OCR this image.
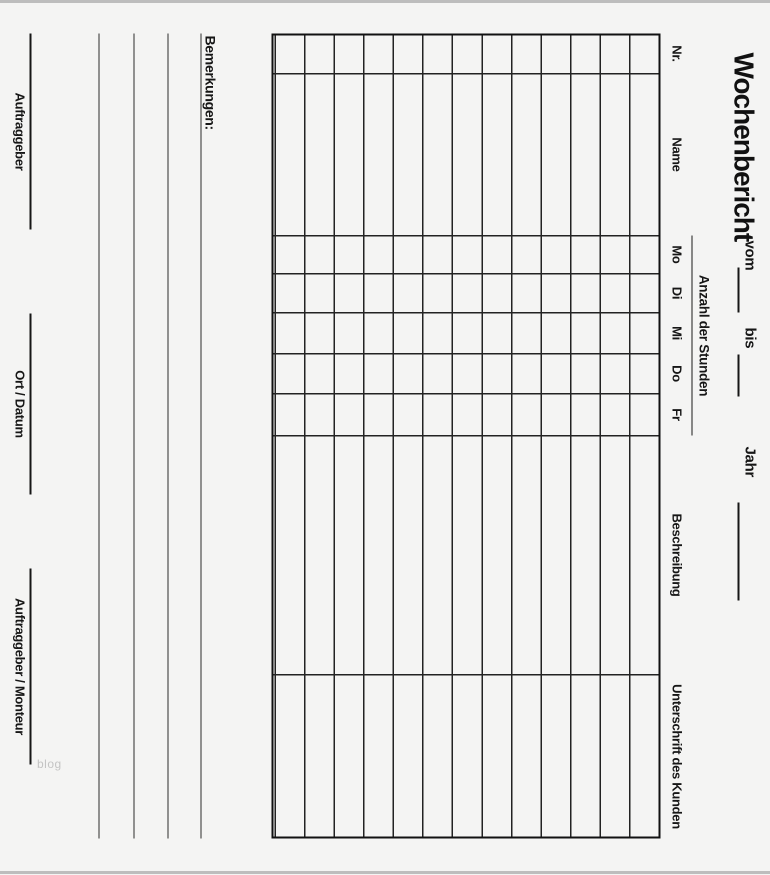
Wochenbericht
vom
bis
Jahr
Anzahl der Stunden
Nr.
Name
Mo
Di
Mi
Do
Fr
Beschreibung
Unterschrift des Kunden
Bemerkungen:
Auftraggeber
Ort / Datum
Auftraggeber / Monteur
blog
